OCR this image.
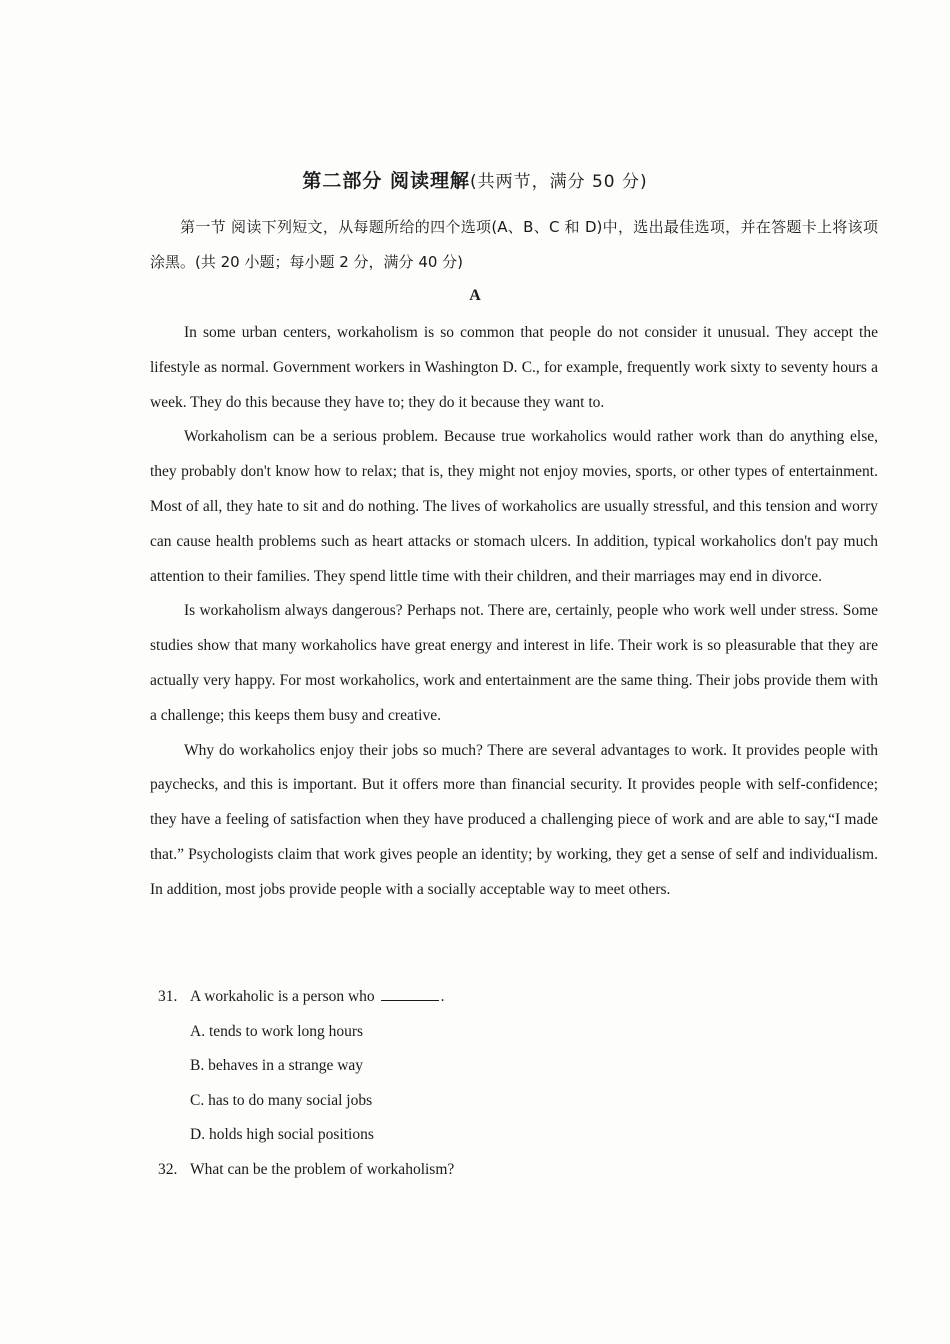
第二部分 阅读理解(共两节，满分 50 分)
第一节 阅读下列短文，从每题所给的四个选项(A、B、C 和 D)中，选出最佳选项，并在答题卡上将该项涂黑。(共 20 小题；每小题 2 分，满分 40 分)
A

In some urban centers, workaholism is so common that people do not consider it unusual. They accept the lifestyle as normal. Government workers in Washington D. C., for example, frequently work sixty to seventy hours a week. They do this because they have to; they do it because they want to.

Workaholism can be a serious problem. Because true workaholics would rather work than do anything else, they probably don't know how to relax; that is, they might not enjoy movies, sports, or other types of entertainment. Most of all, they hate to sit and do nothing. The lives of workaholics are usually stressful, and this tension and worry can cause health problems such as heart attacks or stomach ulcers. In addition, typical workaholics don't pay much attention to their families. They spend little time with their children, and their marriages may end in divorce.

Is workaholism always dangerous? Perhaps not. There are, certainly, people who work well under stress. Some studies show that many workaholics have great energy and interest in life. Their work is so pleasurable that they are actually very happy. For most workaholics, work and entertainment are the same thing. Their jobs provide them with a challenge; this keeps them busy and creative.

Why do workaholics enjoy their jobs so much? There are several advantages to work. It provides people with paychecks, and this is important. But it offers more than financial security. It provides people with self-confidence; they have a feeling of satisfaction when they have produced a challenging piece of work and are able to say,“I made that.” Psychologists claim that work gives people an identity; by working, they get a sense of self and individualism. In addition, most jobs provide people with a socially acceptable way to meet others.

31. A workaholic is a person who	.
A. tends to work long hours
B. behaves in a strange way
C. has to do many social jobs
D. holds high social positions
32. What can be the problem of workaholism?
